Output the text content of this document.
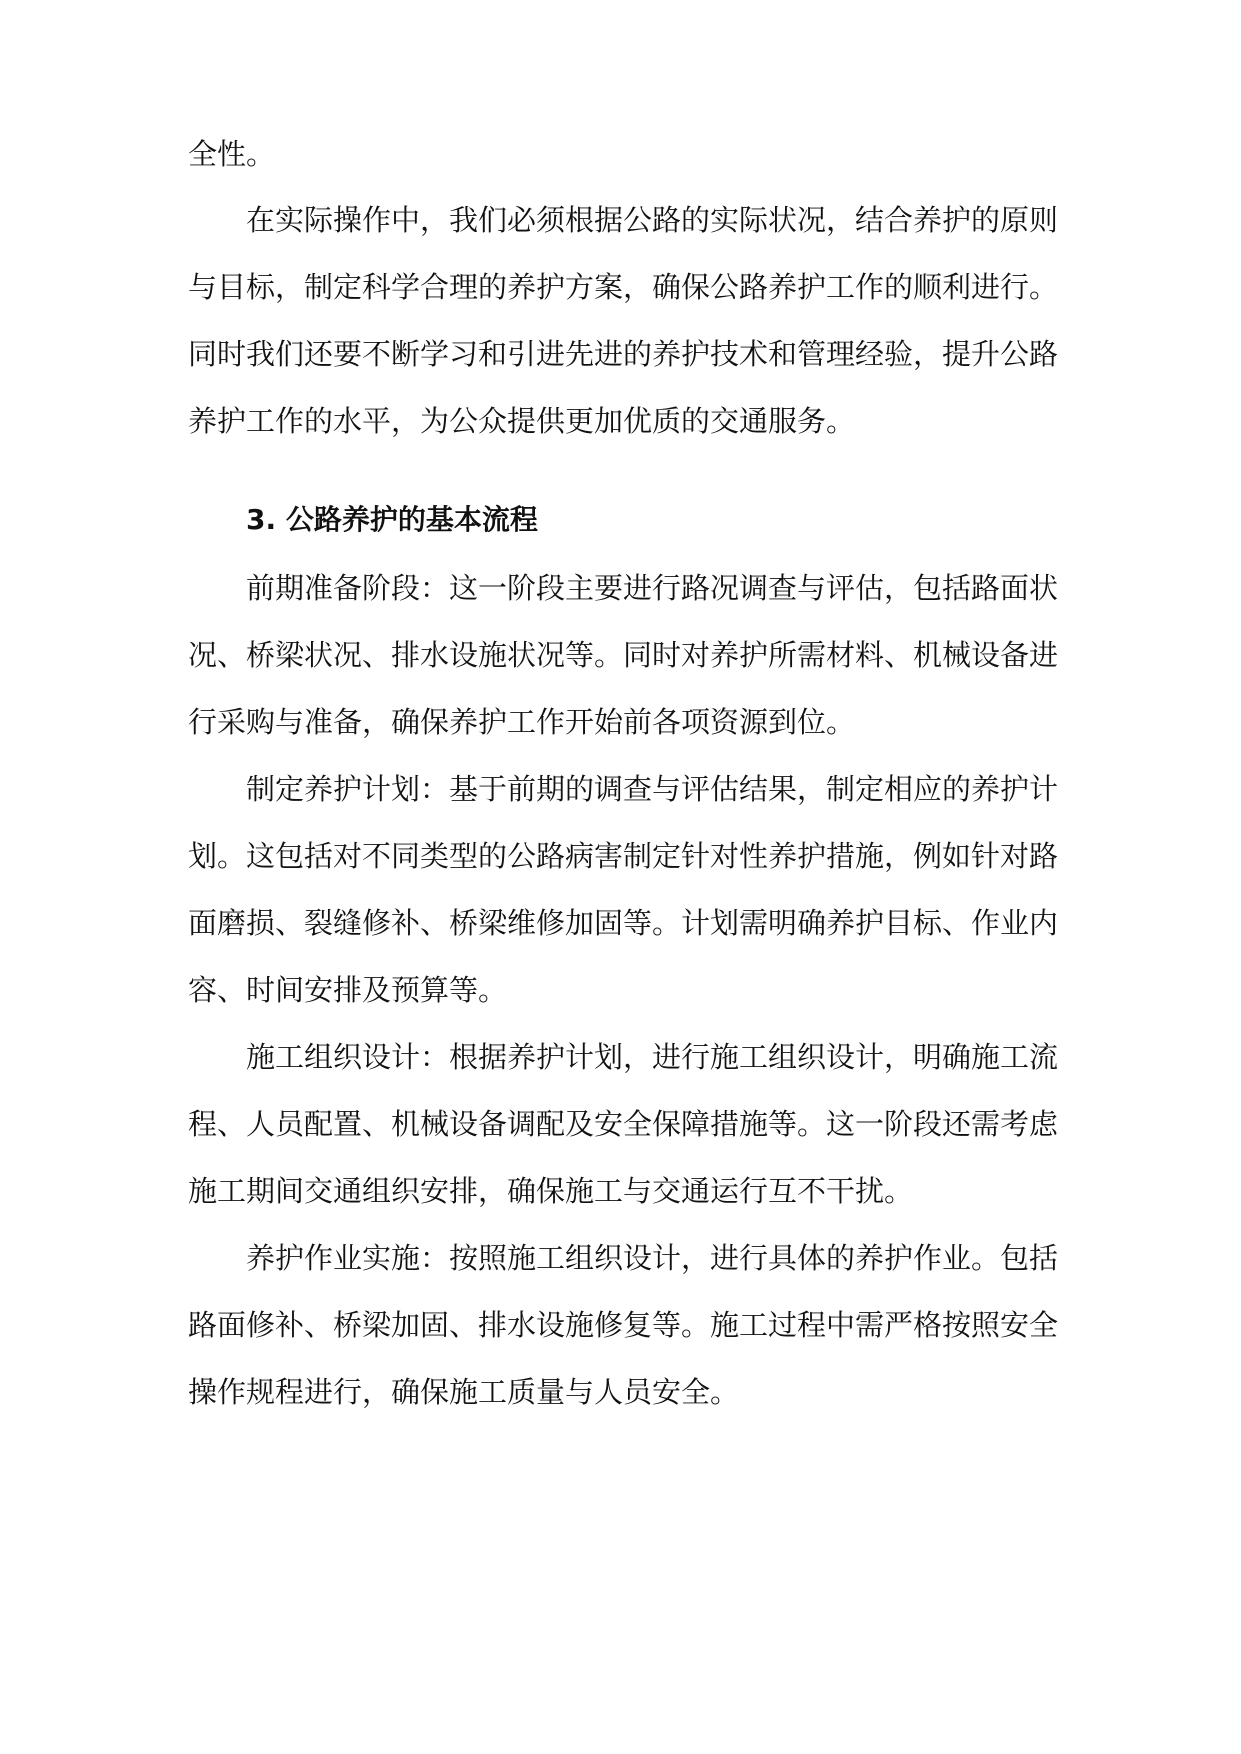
全性。
在实际操作中，我们必须根据公路的实际状况，结合养护的原则
与目标，制定科学合理的养护方案，确保公路养护工作的顺利进行。
同时我们还要不断学习和引进先进的养护技术和管理经验，提升公路
养护工作的水平，为公众提供更加优质的交通服务。
3. 公路养护的基本流程
前期准备阶段：这一阶段主要进行路况调查与评估，包括路面状
况、桥梁状况、排水设施状况等。同时对养护所需材料、机械设备进
行采购与准备，确保养护工作开始前各项资源到位。
制定养护计划：基于前期的调查与评估结果，制定相应的养护计
划。这包括对不同类型的公路病害制定针对性养护措施，例如针对路
面磨损、裂缝修补、桥梁维修加固等。计划需明确养护目标、作业内
容、时间安排及预算等。
施工组织设计：根据养护计划，进行施工组织设计，明确施工流
程、人员配置、机械设备调配及安全保障措施等。这一阶段还需考虑
施工期间交通组织安排，确保施工与交通运行互不干扰。
养护作业实施：按照施工组织设计，进行具体的养护作业。包括
路面修补、桥梁加固、排水设施修复等。施工过程中需严格按照安全
操作规程进行，确保施工质量与人员安全。
